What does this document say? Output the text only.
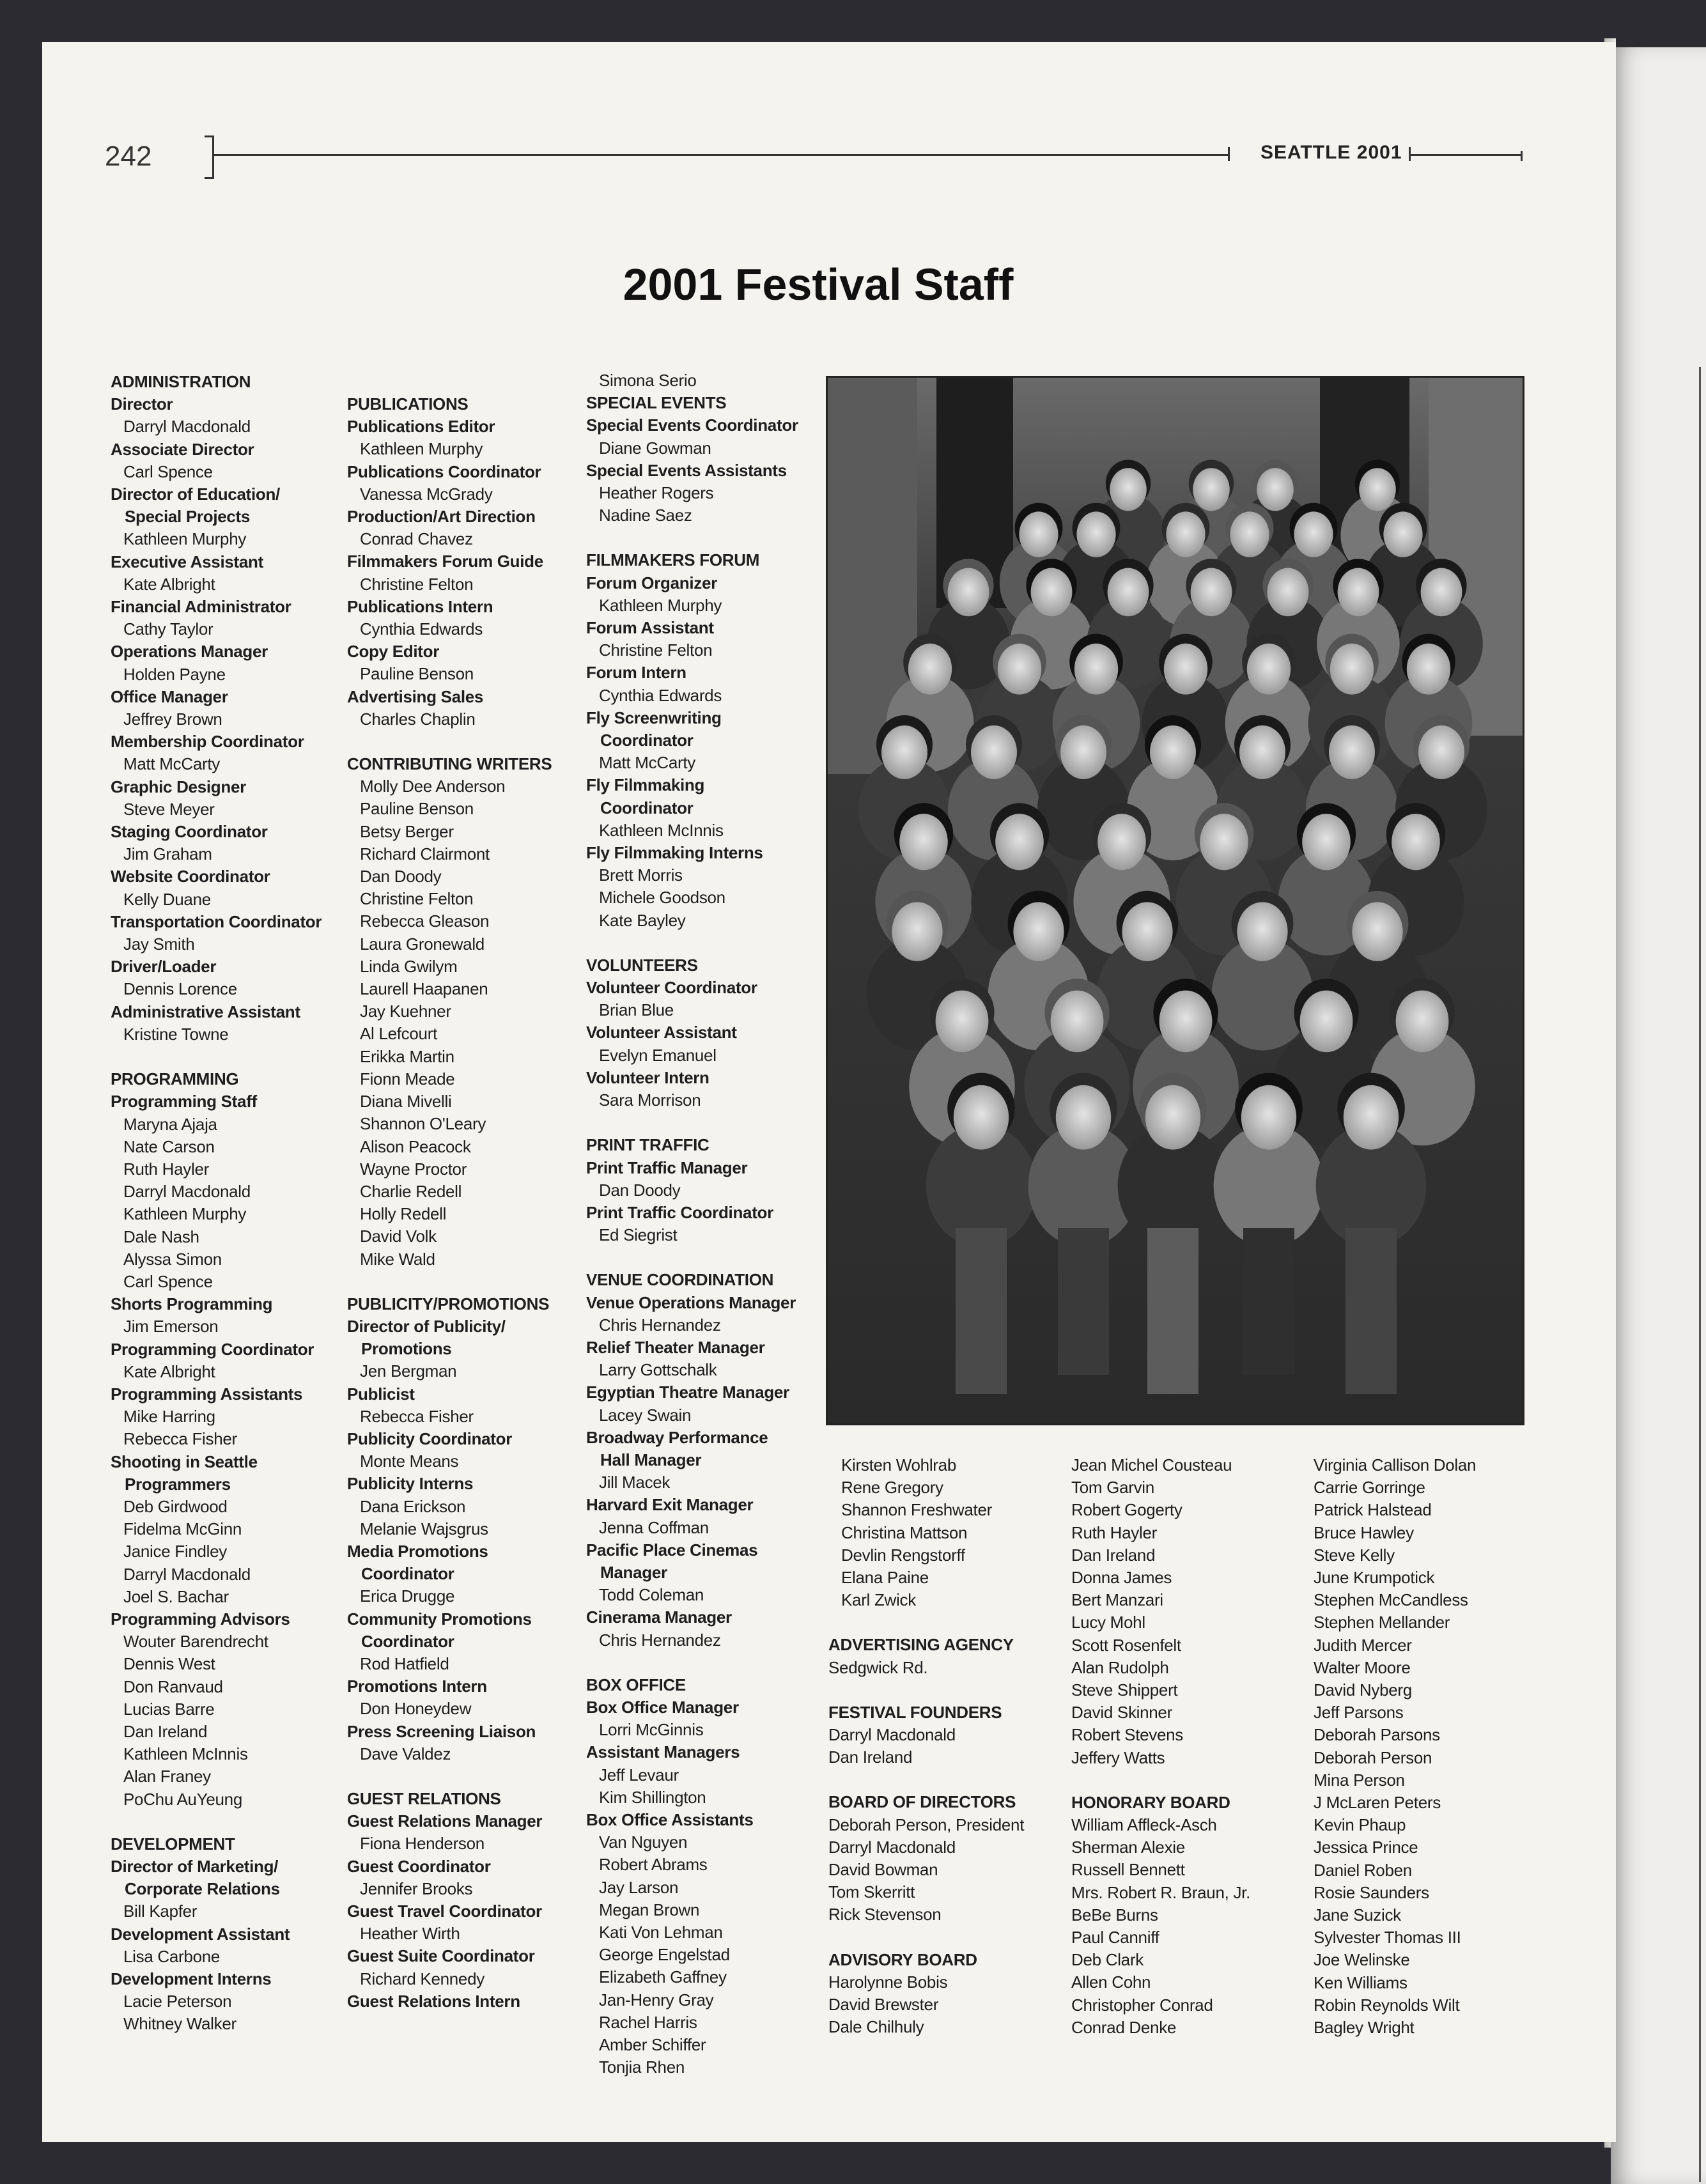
242	SEATTLE 2001
2001 Festival Staff
ADMINISTRATION
Director
Darryl Macdonald
Associate Director
Carl Spence
Director of Education/
Special Projects
Kathleen Murphy
Executive Assistant
Kate Albright
Financial Administrator
Cathy Taylor
Operations Manager
Holden Payne
Office Manager
Jeffrey Brown
Membership Coordinator
Matt McCarty
Graphic Designer
Steve Meyer
Staging Coordinator
Jim Graham
Website Coordinator
Kelly Duane
Transportation Coordinator
Jay Smith
Driver/Loader
Dennis Lorence
Administrative Assistant
Kristine Towne
PROGRAMMING
Programming Staff
Maryna Ajaja
Nate Carson
Ruth Hayler
Darryl Macdonald
Kathleen Murphy
Dale Nash
Alyssa Simon
Carl Spence
Shorts Programming
Jim Emerson
Programming Coordinator
Kate Albright
Programming Assistants
Mike Harring
Rebecca Fisher
Shooting in Seattle
Programmers
Deb Girdwood
Fidelma McGinn
Janice Findley
Darryl Macdonald
Joel S. Bachar
Programming Advisors
Wouter Barendrecht
Dennis West
Don Ranvaud
Lucias Barre
Dan Ireland
Kathleen McInnis
Alan Franey
PoChu AuYeung
DEVELOPMENT
Director of Marketing/
Corporate Relations
Bill Kapfer
Development Assistant
Lisa Carbone
Development Interns
Lacie Peterson
Whitney Walker
PUBLICATIONS
Publications Editor
Kathleen Murphy
Publications Coordinator
Vanessa McGrady
Production/Art Direction
Conrad Chavez
Filmmakers Forum Guide
Christine Felton
Publications Intern
Cynthia Edwards
Copy Editor
Pauline Benson
Advertising Sales
Charles Chaplin
CONTRIBUTING WRITERS
Molly Dee Anderson
Pauline Benson
Betsy Berger
Richard Clairmont
Dan Doody
Christine Felton
Rebecca Gleason
Laura Gronewald
Linda Gwilym
Laurell Haapanen
Jay Kuehner
Al Lefcourt
Erikka Martin
Fionn Meade
Diana Mivelli
Shannon O'Leary
Alison Peacock
Wayne Proctor
Charlie Redell
Holly Redell
David Volk
Mike Wald
PUBLICITY/PROMOTIONS
Director of Publicity/
Promotions
Jen Bergman
Publicist
Rebecca Fisher
Publicity Coordinator
Monte Means
Publicity Interns
Dana Erickson
Melanie Wajsgrus
Media Promotions
Coordinator
Erica Drugge
Community Promotions
Coordinator
Rod Hatfield
Promotions Intern
Don Honeydew
Press Screening Liaison
Dave Valdez
GUEST RELATIONS
Guest Relations Manager
Fiona Henderson
Guest Coordinator
Jennifer Brooks
Guest Travel Coordinator
Heather Wirth
Guest Suite Coordinator
Richard Kennedy
Guest Relations Intern
Simona Serio
SPECIAL EVENTS
Special Events Coordinator
Diane Gowman
Special Events Assistants
Heather Rogers
Nadine Saez
FILMMAKERS FORUM
Forum Organizer
Kathleen Murphy
Forum Assistant
Christine Felton
Forum Intern
Cynthia Edwards
Fly Screenwriting
Coordinator
Matt McCarty
Fly Filmmaking
Coordinator
Kathleen McInnis
Fly Filmmaking Interns
Brett Morris
Michele Goodson
Kate Bayley
VOLUNTEERS
Volunteer Coordinator
Brian Blue
Volunteer Assistant
Evelyn Emanuel
Volunteer Intern
Sara Morrison
PRINT TRAFFIC
Print Traffic Manager
Dan Doody
Print Traffic Coordinator
Ed Siegrist
VENUE COORDINATION
Venue Operations Manager
Chris Hernandez
Relief Theater Manager
Larry Gottschalk
Egyptian Theatre Manager
Lacey Swain
Broadway Performance
Hall Manager
Jill Macek
Harvard Exit Manager
Jenna Coffman
Pacific Place Cinemas
Manager
Todd Coleman
Cinerama Manager
Chris Hernandez
BOX OFFICE
Box Office Manager
Lorri McGinnis
Assistant Managers
Jeff Levaur
Kim Shillington
Box Office Assistants
Van Nguyen
Robert Abrams
Jay Larson
Megan Brown
Kati Von Lehman
George Engelstad
Elizabeth Gaffney
Jan-Henry Gray
Rachel Harris
Amber Schiffer
Tonjia Rhen
Kirsten Wohlrab
Rene Gregory
Shannon Freshwater
Christina Mattson
Devlin Rengstorff
Elana Paine
Karl Zwick
ADVERTISING AGENCY
Sedgwick Rd.
FESTIVAL FOUNDERS
Darryl Macdonald
Dan Ireland
BOARD OF DIRECTORS
Deborah Person, President
Darryl Macdonald
David Bowman
Tom Skerritt
Rick Stevenson
ADVISORY BOARD
Harolynne Bobis
David Brewster
Dale Chilhuly
Jean Michel Cousteau
Tom Garvin
Robert Gogerty
Ruth Hayler
Dan Ireland
Donna James
Bert Manzari
Lucy Mohl
Scott Rosenfelt
Alan Rudolph
Steve Shippert
David Skinner
Robert Stevens
Jeffery Watts
HONORARY BOARD
William Affleck-Asch
Sherman Alexie
Russell Bennett
Mrs. Robert R. Braun, Jr.
BeBe Burns
Paul Canniff
Deb Clark
Allen Cohn
Christopher Conrad
Conrad Denke
Virginia Callison Dolan
Carrie Gorringe
Patrick Halstead
Bruce Hawley
Steve Kelly
June Krumpotick
Stephen McCandless
Stephen Mellander
Judith Mercer
Walter Moore
David Nyberg
Jeff Parsons
Deborah Parsons
Deborah Person
Mina Person
J McLaren Peters
Kevin Phaup
Jessica Prince
Daniel Roben
Rosie Saunders
Jane Suzick
Sylvester Thomas III
Joe Welinske
Ken Williams
Robin Reynolds Wilt
Bagley Wright
